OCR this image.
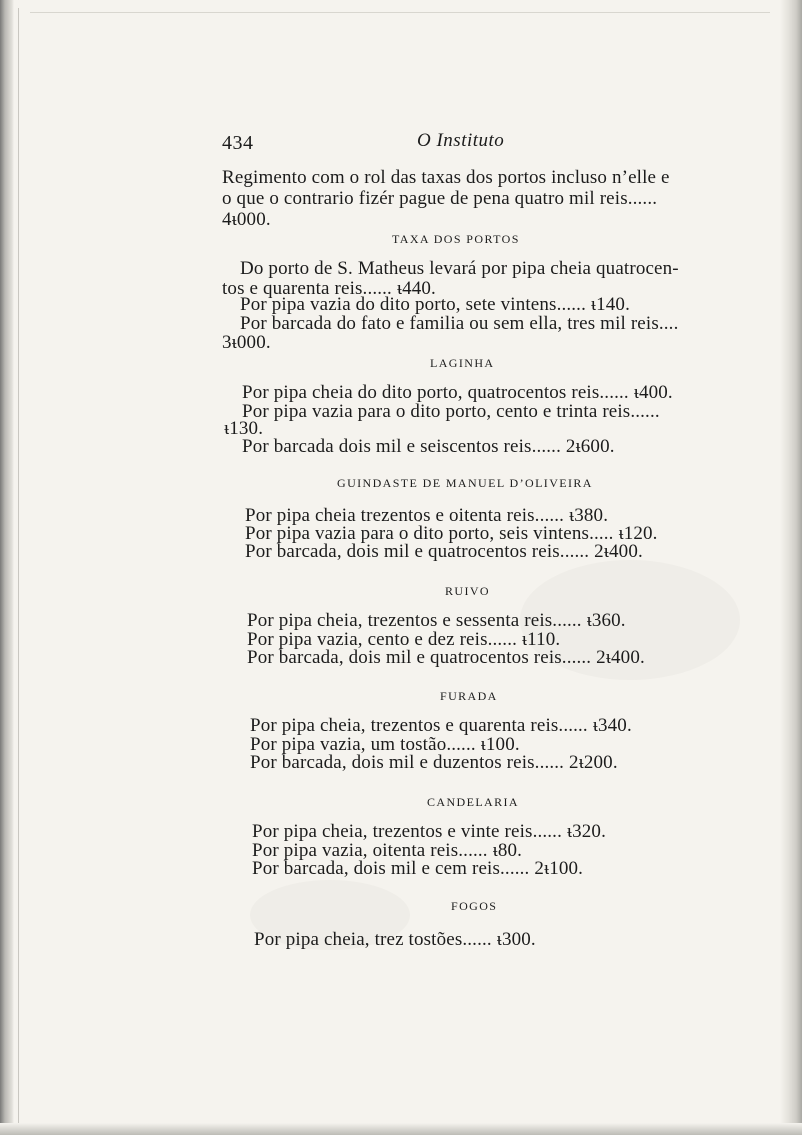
434	O Instituto
Regimento com o rol das taxas dos portos incluso n’elle e
o que o contrario fizér pague de pena quatro mil reis......
4ᵼ000.
TAXA DOS PORTOS
Do porto de S. Matheus levará por pipa cheia quatrocen-
tos e quarenta reis...... ᵼ440.
Por pipa vazia do dito porto, sete vintens...... ᵼ140.
Por barcada do fato e familia ou sem ella, tres mil reis....
3ᵼ000.
LAGINHA
Por pipa cheia do dito porto, quatrocentos reis...... ᵼ400.
Por pipa vazia para o dito porto, cento e trinta reis......
ᵼ130.
Por barcada dois mil e seiscentos reis...... 2ᵼ600.
GUINDASTE DE MANUEL D’OLIVEIRA
Por pipa cheia trezentos e oitenta reis...... ᵼ380.
Por pipa vazia para o dito porto, seis vintens..... ᵼ120.
Por barcada, dois mil e quatrocentos reis...... 2ᵼ400.
RUIVO
Por pipa cheia, trezentos e sessenta reis...... ᵼ360.
Por pipa vazia, cento e dez reis...... ᵼ110.
Por barcada, dois mil e quatrocentos reis...... 2ᵼ400.
FURADA
Por pipa cheia, trezentos e quarenta reis...... ᵼ340.
Por pipa vazia, um tostão...... ᵼ100.
Por barcada, dois mil e duzentos reis...... 2ᵼ200.
CANDELARIA
Por pipa cheia, trezentos e vinte reis...... ᵼ320.
Por pipa vazia, oitenta reis...... ᵼ80.
Por barcada, dois mil e cem reis...... 2ᵼ100.
FOGOS
Por pipa cheia, trez tostões...... ᵼ300.
